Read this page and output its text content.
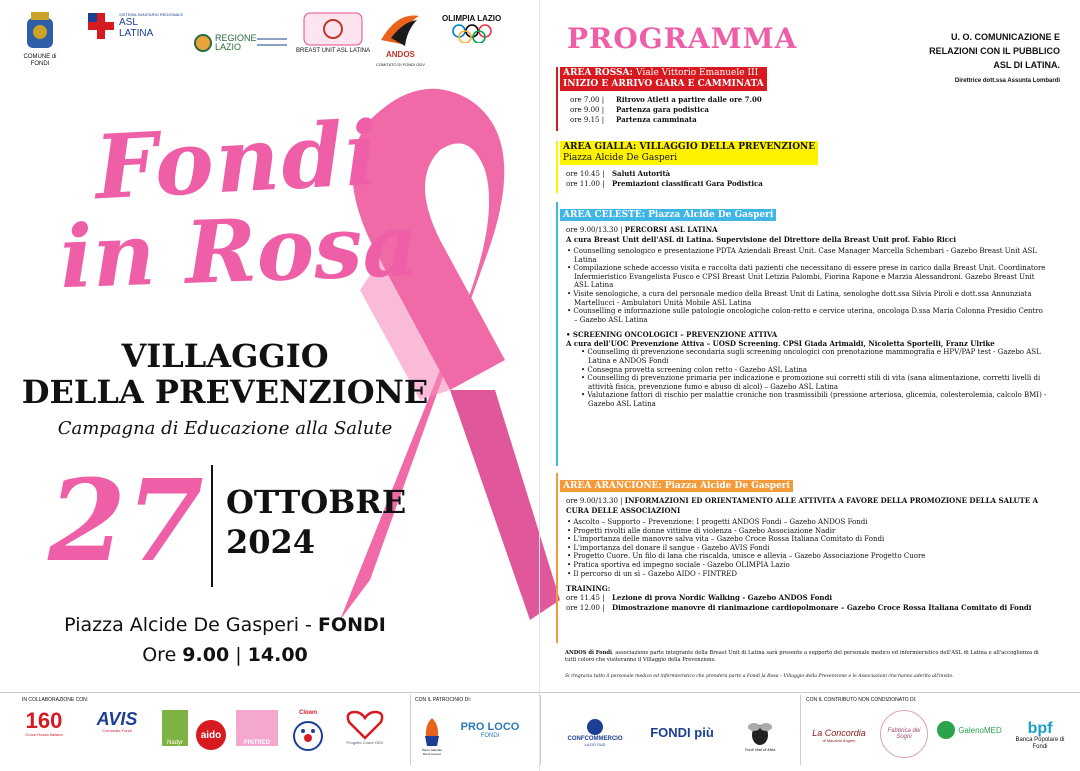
COMUNE di FONDI
SISTEMA SANITARIO REGIONALE
ASL LATINA	REGIONE LAZIO	BREAST UNIT ASL LATINA ANDOS
COMITATO DI FONDI ODV
OLIMPIA LAZIO
Fondi
in Rosa
VILLAGGIO
DELLA PREVENZIONE
Campagna di Educazione alla Salute
27 OTTOBRE
2024
Piazza Alcide De Gasperi - FONDI
Ore 9.00 | 14.00
PROGRAMMA	U. O. COMUNICAZIONE E
RELAZIONI CON IL PUBBLICO
ASL DI LATINA.
Direttrice dott.ssa Assunta Lombardi
AREA ROSSA: Viale Vittorio Emanuele III
INIZIO E ARRIVO GARA E CAMMINATA
ore 7.00 | Ritrovo Atleti a partire dalle ore 7.00
ore 9.00 | Partenza gara podistica
ore 9.15 | Partenza camminata
AREA GIALLA: VILLAGGIO DELLA PREVENZIONE
Piazza Alcide De Gasperi
ore 10.45 | Saluti Autorità
ore 11.00 | Premiazioni classificati Gara Podistica
AREA CELESTE: Piazza Alcide De Gasperi
ore 9.00/13.30 | PERCORSI ASL LATINA
A cura Breast Unit dell'ASL di Latina. Supervisione del Direttore della Breast Unit prof. Fabio Ricci

• Counselling senologico e presentazione PDTA Aziendali Breast Unit. Case Manager Marcella Schembari - Gazebo Breast Unit ASL Latina

• Compilazione schede accesso visita e raccolta dati pazienti che necessitano di essere prese in carico dalla Breast Unit. Coordinatore Infermieristico Evangelista Fusco e CPSI Breast Unit Letizia Palombi, Fiorina Rapone e Marzia Alessandroni. Gazebo Breast Unit ASL Latina

• Visite senologiche, a cura del personale medico della Breast Unit di Latina, senologhe dott.ssa Silvia Piroli e dott.ssa Annunziata Martellucci - Ambulatori Unità Mobile ASL Latina

• Counselling e informazione sulle patologie oncologiche colon-retto e cervice uterina, oncologa D.ssa Maria Colonna Presidio Centro – Gazebo ASL Latina

• SCREENING ONCOLOGICI – PREVENZIONE ATTIVA
A cura dell'UOC Prevenzione Attiva – UOSD Screening. CPSI Giada Arimaldi, Nicoletta Sportelli, Franz Ulrike

• Counselling di prevenzione secondaria sugli screening oncologici con prenotazione mammografia e HPV/PAP test - Gazebo ASL Latina e ANDOS Fondi

• Consegna provetta screening colon retto - Gazebo ASL Latina

• Counselling di prevenzione primaria per indicazione e promozione sui corretti stili di vita (sana alimentazione, corretti livelli di attività fisica, prevenzione fumo e abuso di alcol) – Gazebo ASL Latina

• Valutazione fattori di rischio per malattie croniche non trasmissibili (pressione arteriosa, glicemia, colesterolemia, calcolo BMI) - Gazebo ASL Latina

AREA ARANCIONE: Piazza Alcide De Gasperi
ore 9.00/13.30 | INFORMAZIONI ED ORIENTAMENTO ALLE ATTIVITA A FAVORE DELLA PROMOZIONE DELLA SALUTE A CURA DELLE ASSOCIAZIONI

• Ascolto – Supporto – Prevenzione: I progetti ANDOS Fondi – Gazebo ANDOS Fondi

• Progetti rivolti alle donne vittime di violenza - Gazebo Associazione Nadir

• L'importanza delle manovre salva vita – Gazebo Croce Rossa Italiana Comitato di Fondi

• L'importanza del donare il sangue - Gazebo AVIS Fondi

• Progetto Cuore. Un filo di lana che riscalda, unisce e allevia – Gazebo Associazione Progetto Cuore

• Pratica sportiva ed impegno sociale - Gazebo OLIMPIA Lazio

• Il percorso di un sì – Gazebo AIDO - FINTRED

TRAINING:
ore 11.45 | Lezione di prova Nordic Walking - Gazebo ANDOS Fondi
ore 12.00 | Dimostrazione manovre di rianimazione cardiopolmonare – Gazebo Croce Rossa Italiana Comitato di Fondi
ANDOS di Fondi, associazione parte integrante della Breast Unit di Latina sarà presente a supporto del personale medico ed infermieristico dell'ASL di Latina e all'accoglienza di tutti coloro che visiteranno il Villaggio della Prevenzione.
Si ringrazia tutto il personale medico ed infermieristico che prenderà parte a Fondi la Rosa – Villaggio della Prevenzione e le Associazioni che hanno aderito all'invito.
IN COLLABORAZIONE CON:	CON IL PATROCINIO DI:	CON IL CONTRIBUTO NON CONDIZIONATO DI:
160
Croce Rossa Italiana
AVIS
Comunale Fondi
Nadyr
aido
FINTRED
Clown
Progetto Cuore ODV
Parco Naturale Monti Aurunci
PRO LOCO
FONDI	CONFCOMMERCIO
LAZIO SUD
FONDI più
Fonti Viali di Mea
La Concordia
di Maurizio Angelo
Fabbrica dei Sogni
GalenoMED bpf
Banca Popolare di Fondi
